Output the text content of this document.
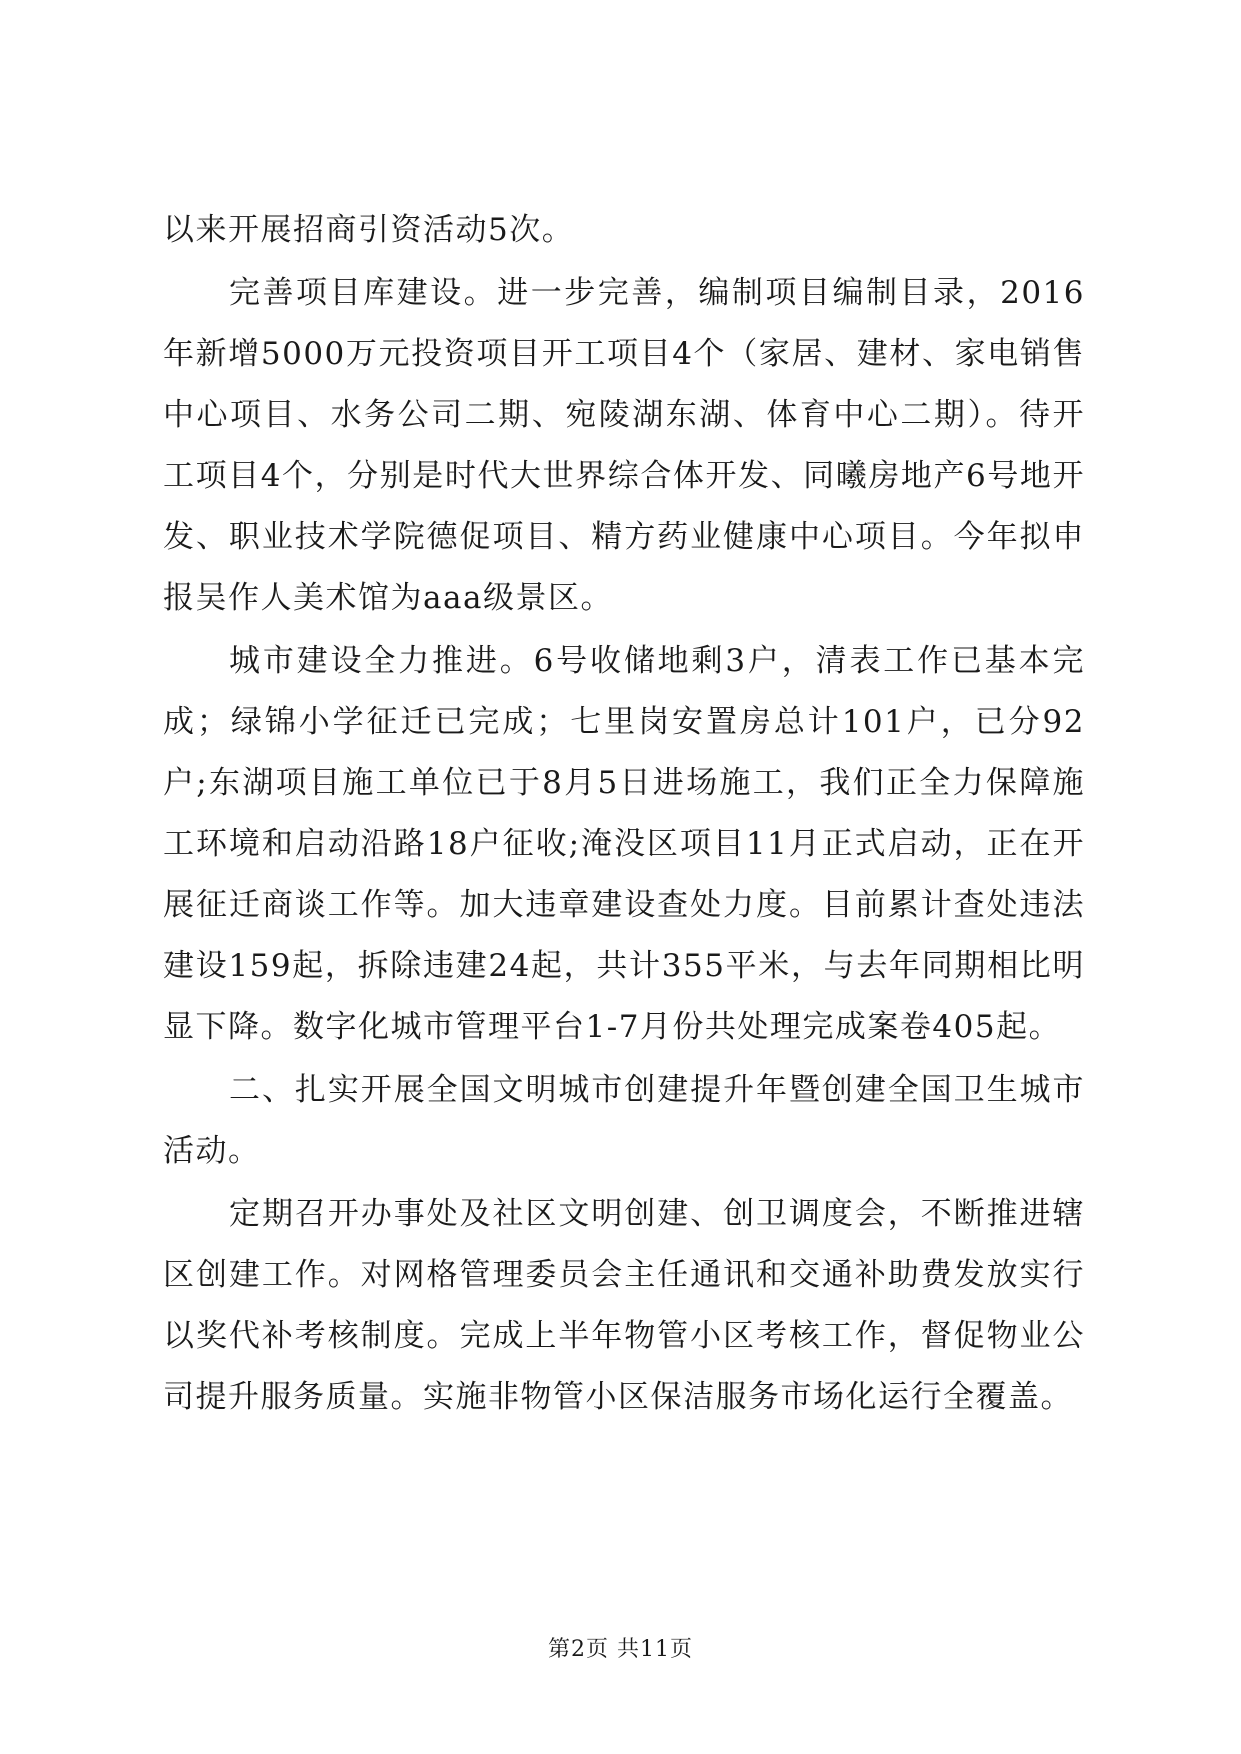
以来开展招商引资活动5次。

完善项目库建设。进一步完善，编制项目编制目录，2016年新增5000万元投资项目开工项目4个（家居、建材、家电销售中心项目、水务公司二期、宛陵湖东湖、体育中心二期）。待开工项目4个，分别是时代大世界综合体开发、同曦房地产6号地开发、职业技术学院德促项目、精方药业健康中心项目。今年拟申报吴作人美术馆为aaa级景区。

城市建设全力推进。6号收储地剩3户，清表工作已基本完成；绿锦小学征迁已完成；七里岗安置房总计101户，已分92户;东湖项目施工单位已于8月5日进场施工，我们正全力保障施工环境和启动沿路18户征收;淹没区项目11月正式启动，正在开展征迁商谈工作等。加大违章建设查处力度。目前累计查处违法建设159起，拆除违建24起，共计355平米，与去年同期相比明显下降。数字化城市管理平台1-7月份共处理完成案卷405起。

二、扎实开展全国文明城市创建提升年暨创建全国卫生城市活动。

定期召开办事处及社区文明创建、创卫调度会，不断推进辖区创建工作。对网格管理委员会主任通讯和交通补助费发放实行以奖代补考核制度。完成上半年物管小区考核工作，督促物业公司提升服务质量。实施非物管小区保洁服务市场化运行全覆盖。

第2页 共11页
